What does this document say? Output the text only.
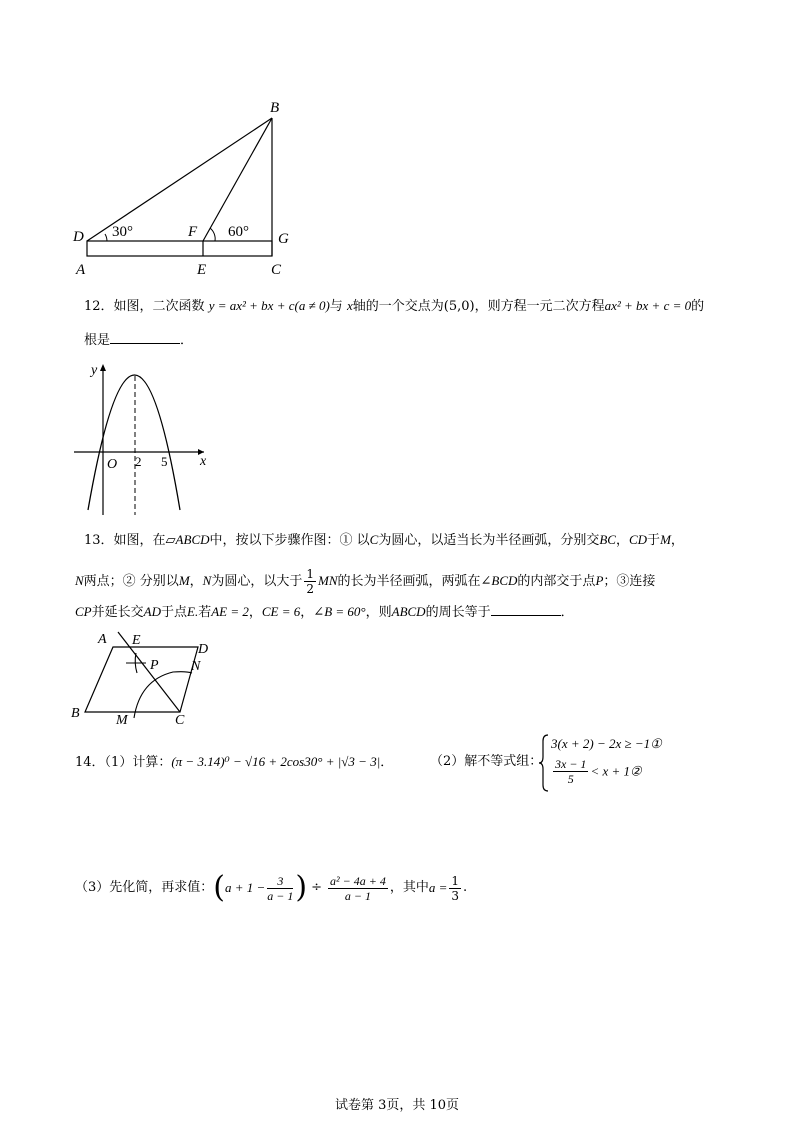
B
D 30°	F 60° G
A	E	C
12．如图，二次函数 y = ax² + bx + c(a ≠ 0)与 x轴的一个交点为(5,0)，则方程一元二次方程ax² + bx + c = 0的
根是	．
y
x
O 2 5
13．如图，在▱ABCD中，按以下步骤作图：① 以C为圆心，以适当长为半径画弧，分别交BC，CD于M，
N两点；② 分别以M，N为圆心，以大于 $\frac{1}{2}$ MN的长为半径画弧，两弧在∠BCD的内部交于点P；③连接
CP并延长交AD于点E.若AE = 2，CE = 6，∠B = 60°，则ABCD的周长等于	．
A E
D
P N
B	M	C
14．（1）计算：(π − 3.14)⁰ − √16 + 2cos30° + |√3 − 3|．	（2）解不等式组：
3(x + 2) − 2x ≥ −1①
$\frac{3x - 1}{5} < x$ + 1②
（3）先化简，再求值：($a + 1 - \frac{3}{a - 1}$ ) ÷ $\frac{\text{a² − 4a + 4}}{a - 1}$ ，其中$a = \frac{1}{3}$ .
试卷第 3页，共 10页
